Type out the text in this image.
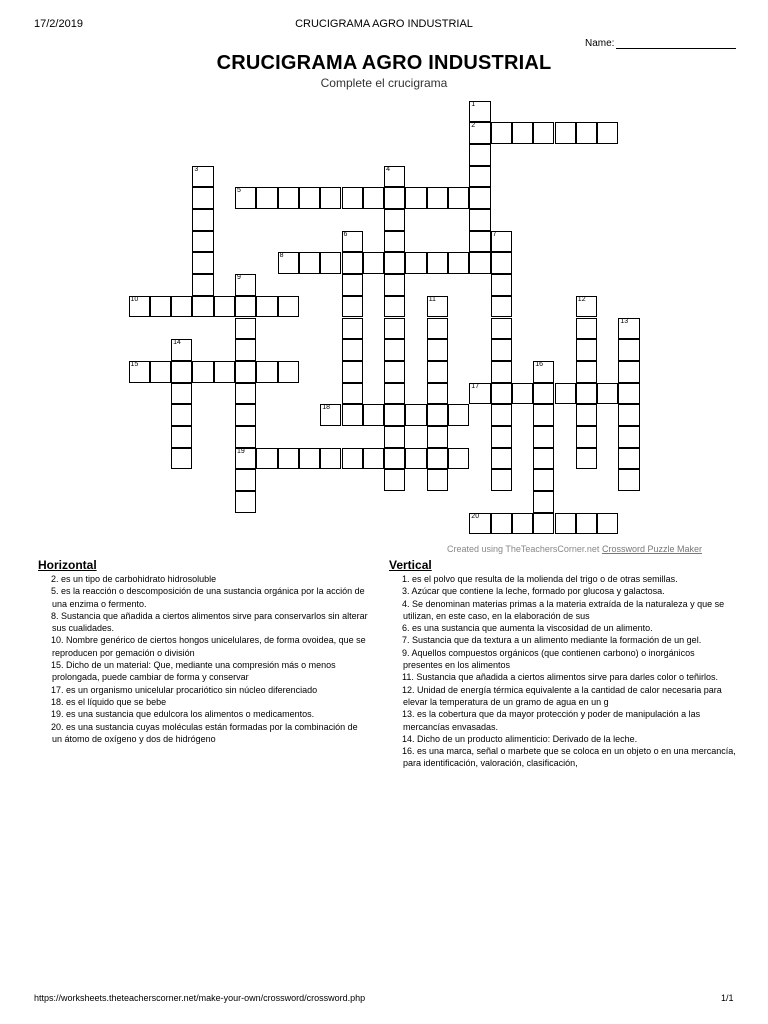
17/2/2019	CRUCIGRAMA AGRO INDUSTRIAL
Name:
CRUCIGRAMA AGRO INDUSTRIAL
Complete el crucigrama
1
2
3	4
5
6	7
8
9
19
10	11	12
13
14
15	16
17
18
20
Created using TheTeachersCorner.net Crossword Puzzle Maker
Horizontal	Vertical
2. es un tipo de carbohidrato hidrosoluble
5. es la reacción o descomposición de una sustancia orgánica por la acción de una enzima o fermento.
8. Sustancia que añadida a ciertos alimentos sirve para conservarlos sin alterar sus cualidades.
10. Nombre genérico de ciertos hongos unicelulares, de forma ovoidea, que se reproducen por gemación o división
15. Dicho de un material: Que, mediante una compresión más o menos prolongada, puede cambiar de forma y conservar
17. es un organismo unicelular procariótico sin núcleo diferenciado
18. es el líquido que se bebe
19. es una sustancia que edulcora los alimentos o medicamentos.
20. es una sustancia cuyas moléculas están formadas por la combinación de un átomo de oxígeno y dos de hidrógeno
1. es el polvo que resulta de la molienda del trigo o de otras semillas.
3. Azúcar que contiene la leche, formado por glucosa y galactosa.
4. Se denominan materias primas a la materia extraída de la naturaleza y que se utilizan, en este caso, en la elaboración de sus
6. es una sustancia que aumenta la viscosidad de un alimento.
7. Sustancia que da textura a un alimento mediante la formación de un gel.
9. Aquellos compuestos orgánicos (que contienen carbono) o inorgánicos presentes en los alimentos
11. Sustancia que añadida a ciertos alimentos sirve para darles color o teñirlos.
12. Unidad de energía térmica equivalente a la cantidad de calor necesaria para elevar la temperatura de un gramo de agua en un g
13. es la cobertura que da mayor protección y poder de manipulación a las mercancías envasadas.
14. Dicho de un producto alimenticio: Derivado de la leche.
16. es una marca, señal o marbete que se coloca en un objeto o en una mercancía, para identificación, valoración, clasificación,
https://worksheets.theteacherscorner.net/make-your-own/crossword/crossword.php	1/1
